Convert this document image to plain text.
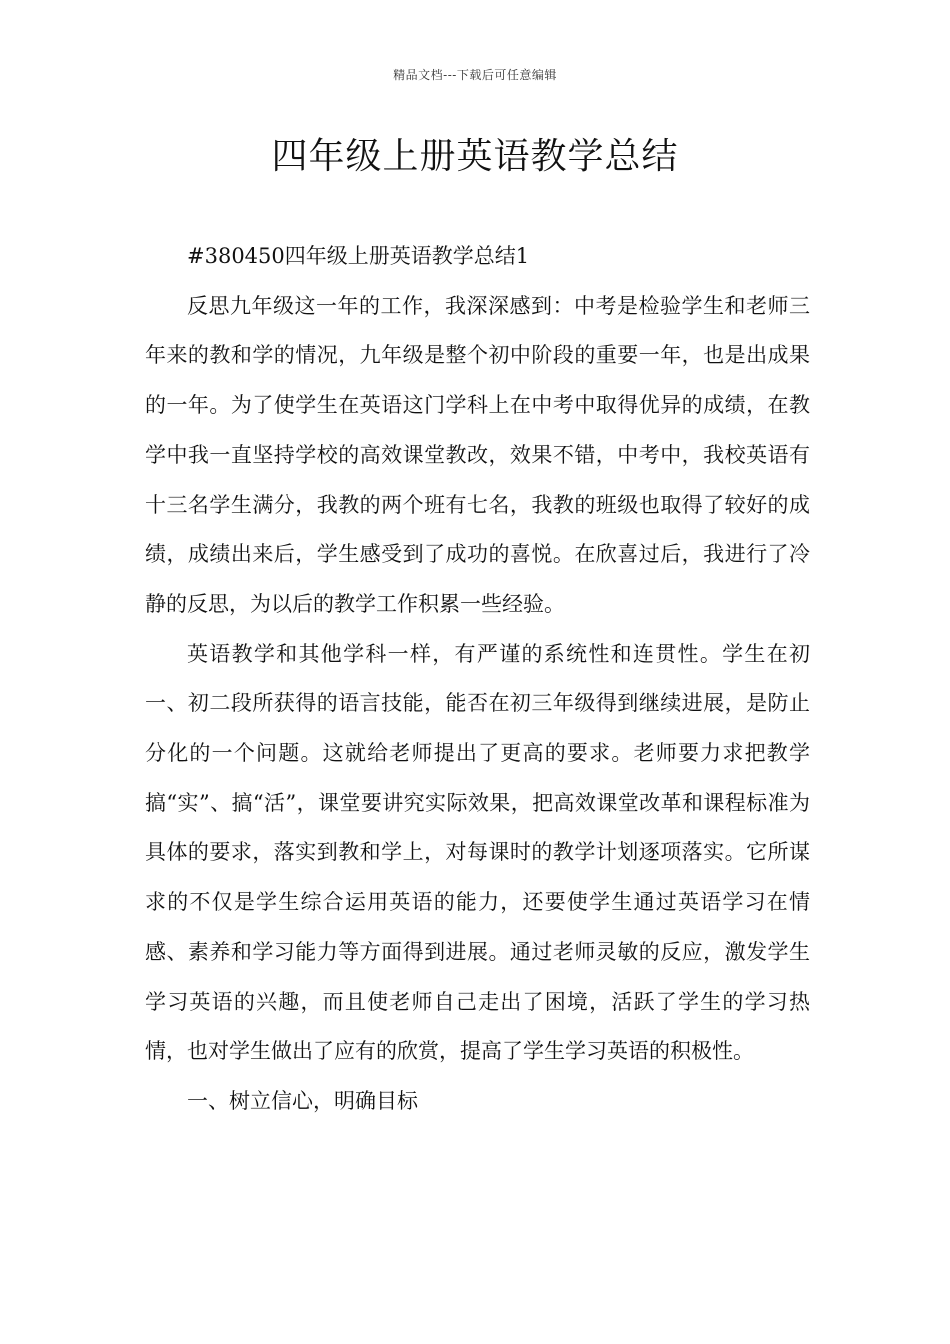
精品文档---下载后可任意编辑
四年级上册英语教学总结

#380450四年级上册英语教学总结1

反思九年级这一年的工作，我深深感到：中考是检验学生和老师三年来的教和学的情况，九年级是整个初中阶段的重要一年，也是出成果的一年。为了使学生在英语这门学科上在中考中取得优异的成绩，在教学中我一直坚持学校的高效课堂教改，效果不错，中考中，我校英语有十三名学生满分，我教的两个班有七名，我教的班级也取得了较好的成绩，成绩出来后，学生感受到了成功的喜悦。在欣喜过后，我进行了冷静的反思，为以后的教学工作积累一些经验。

英语教学和其他学科一样，有严谨的系统性和连贯性。学生在初一、初二段所获得的语言技能，能否在初三年级得到继续进展，是防止分化的一个问题。这就给老师提出了更高的要求。老师要力求把教学搞“实”、搞“活”，课堂要讲究实际效果，把高效课堂改革和课程标准为具体的要求，落实到教和学上，对每课时的教学计划逐项落实。它所谋求的不仅是学生综合运用英语的能力，还要使学生通过英语学习在情感、素养和学习能力等方面得到进展。通过老师灵敏的反应，激发学生学习英语的兴趣，而且使老师自己走出了困境，活跃了学生的学习热情，也对学生做出了应有的欣赏，提高了学生学习英语的积极性。

一、树立信心，明确目标
